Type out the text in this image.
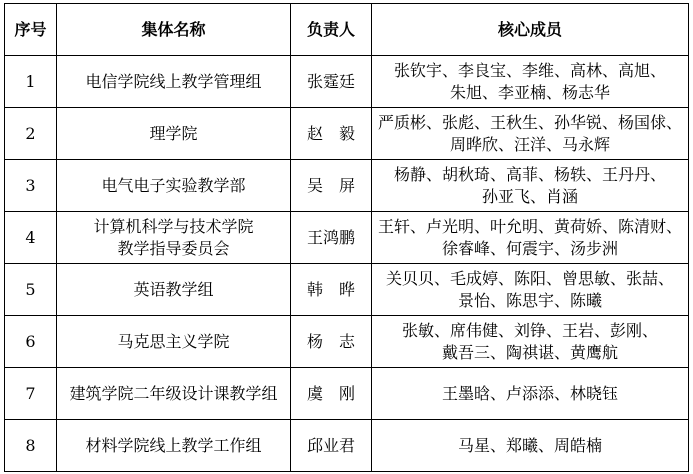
序号	集体名称	负责人	核心成员
1	电信学院线上教学管理组	张霆廷	张钦宇、李良宝、李维、高林、高旭、
朱旭、李亚楠、杨志华

2	理学院	赵　毅	严质彬、张彪、王秋生、孙华锐、杨国俅、
周晔欣、汪洋、马永辉

3	电气电子实验教学部	吴　屏	杨静、胡秋琦、高菲、杨轶、王丹丹、
孙亚飞、肖涵

4	计算机科学与技术学院
教学指导委员会	王鸿鹏	王轩、卢光明、叶允明、黄荷娇、陈清财、
徐睿峰、何震宇、汤步洲

5	英语教学组	韩　晔	关贝贝、毛成婷、陈阳、曾思敏、张喆、
景怡、陈思宇、陈曦

6	马克思主义学院	杨　志	张敏、席伟健、刘铮、王岩、彭刚、
戴吾三、陶祺谌、黄鹰航

7	建筑学院二年级设计课教学组	虞　刚	王墨晗、卢添添、林晓钰

8	材料学院线上教学工作组	邱业君	马星、郑曦、周皓楠
